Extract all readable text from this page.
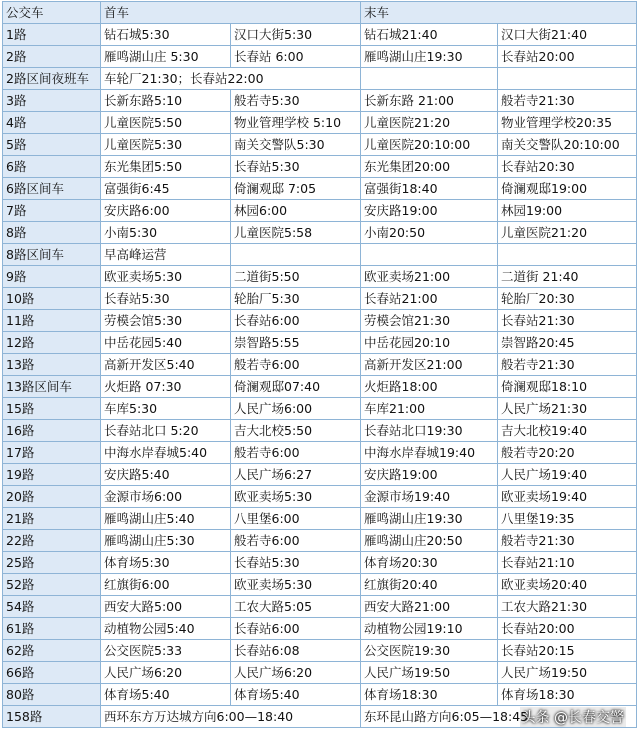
公交车	首车		末车	
1路	钻石城5:30	汉口大街5:30	钻石城21:40	汉口大街21:40
2路	雁鸣湖山庄 5:30	长春站 6:00	雁鸣湖山庄19:30	长春站20:00
2路区间夜班车	车轮厂21:30；长春站22:00			
3路	长新东路5:10	般若寺5:30	长新东路 21:00	般若寺21:30
4路	儿童医院5:50	物业管理学校 5:10	儿童医院21:20	物业管理学校20:35
5路	儿童医院5:30	南关交警队5:30	儿童医院20:10:00	南关交警队20:10:00
6路	东光集团5:50	长春站5:30	东光集团20:00	长春站20:30
6路区间车	富强街6:45	倚澜观邸 7:05	富强街18:40	倚澜观邸19:00
7路	安庆路6:00	林园6:00	安庆路19:00	林园19:00
8路	小南5:30	儿童医院5:58	小南20:50	儿童医院21:20
8路区间车	早高峰运营			
9路	欧亚卖场5:30	二道街5:50	欧亚卖场21:00	二道街 21:40
10路	长春站5:30	轮胎厂5:30	长春站21:00	轮胎厂20:30
11路	劳模会馆5:30	长春站6:00	劳模会馆21:30	长春站21:30
12路	中岳花园5:40	崇智路5:55	中岳花园20:10	崇智路20:45
13路	高新开发区5:40	般若寺6:00	高新开发区21:00	般若寺21:30
13路区间车	火炬路 07:30	倚澜观邸07:40	火炬路18:00	倚澜观邸18:10
15路	车库5:30	人民广场6:00	车库21:00	人民广场21:30
16路	长春站北口 5:20	吉大北校5:50	长春站北口19:30	吉大北校19:40
17路	中海水岸春城5:40	般若寺6:00	中海水岸春城19:40	般若寺20:20
19路	安庆路5:40	人民广场6:27	安庆路19:00	人民广场19:40
20路	金源市场6:00	欧亚卖场5:30	金源市场19:40	欧亚卖场19:40
21路	雁鸣湖山庄5:40	八里堡6:00	雁鸣湖山庄19:30	八里堡19:35
22路	雁鸣湖山庄5:30	般若寺6:00	雁鸣湖山庄20:50	般若寺21:30
25路	体育场5:30	长春站5:30	体育场20:30	长春站21:10
52路	红旗街6:00	欧亚卖场5:30	红旗街20:40	欧亚卖场20:40
54路	西安大路5:00	工农大路5:05	西安大路21:00	工农大路21:30
61路	动植物公园5:40	长春站6:00	动植物公园19:10	长春站20:00
62路	公交医院5:33	长春站6:08	公交医院19:30	长春站20:15
66路	人民广场6:20	人民广场6:20	人民广场19:50	人民广场19:50
80路	体育场5:40	体育场5:40	体育场18:30	体育场18:30
158路	西环东方万达城方向6:00—18:40		东环昆山路方向6:05—18:45	
头条 @长春交警
